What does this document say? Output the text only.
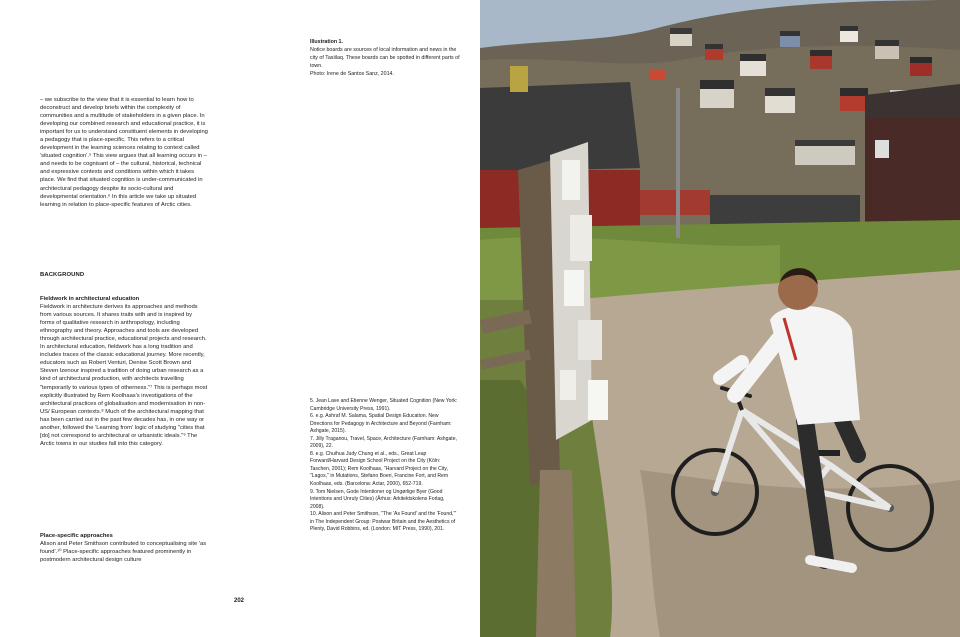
– we subscribe to the view that it is essential to learn how to deconstruct and develop briefs within the complexity of communities and a multitude of stakeholders in a given place. In developing our combined research and educational practice, it is important for us to understand constituent elements in developing a pedagogy that is place-specific. This refers to a critical development in the learning sciences relating to context called 'situated cognition'.⁵ This view argues that all learning occurs in – and needs to be cognisant of – the cultural, historical, technical and expressive contexts and conditions within which it takes place. We find that situated cognition is under-communicated in architectural pedagogy despite its socio-cultural and developmental orientation.⁶ In this article we take up situated learning in relation to place-specific features of Arctic cities.

BACKGROUND

Fieldwork in architectural education

Fieldwork in architecture derives its approaches and methods from various sources. It shares traits with and is inspired by forms of qualitative research in anthropology, including ethnography and theory. Approaches and tools are developed through architectural practice, educational projects and research. In architectural education, fieldwork has a long tradition and includes traces of the classic educational journey. More recently, educators such as Robert Venturi, Denise Scott Brown and Steven Izenour inspired a tradition of doing urban research as a kind of architectural production, with architects travelling "temporarily to various types of otherness."⁷ This is perhaps most explicitly illustrated by Rem Koolhaas's investigations of the architectural practices of globalisation and modernisation in non-US/ European contexts.⁸ Much of the architectural mapping that has been carried out in the past few decades has, in one way or another, followed the 'Learning from' logic of studying "cities that [do] not correspond to architectural or urbanistic ideals."⁹ The Arctic towns in our studies fall into this category.

Place-specific approaches

Alison and Peter Smithson contributed to conceptualising site 'as found'.¹⁰ Place-specific approaches featured prominently in postmodern architectural design culture

Illustration 1.
Notice boards are sources of local information and news in the city of Tasiilaq. These boards can be spotted in different parts of town.
Photo: Irene de Santos Sanz, 2014.

5. Jean Lave and Etienne Wenger, Situated Cognition (New York: Cambridge University Press, 1991).

6. e.g. Ashraf M. Salama, Spatial Design Education. New Directions for Pedagogy in Architecture and Beyond (Farnham: Ashgate, 2015).

7. Jilly Traganou, Travel, Space, Architecture (Farnham: Ashgate, 2009), 22.

8. e.g. Chuihua Judy Chung et al., eds., Great Leap Forward/Harvard Design School Project on the City (Köln: Taschen, 2001); Rem Koolhaas, "Harvard Project on the City, "Lagos," in Mutations, Stefano Boeri, Francine Fort, and Rem Koolhaas, eds. (Barcelona: Actar, 2000), 652-719.

9. Tom Nielsen, Gode Intentioner og Ungørlige Byer (Good Intentions and Unruly Cities) (Århus: Arkitektskolens Forlag, 2008).

10. Alison and Peter Smithson, "The 'As Found' and the 'Found,'" in The Independent Group: Postwar Britain and the Aesthetics of Plenty, David Robbins, ed. (London: MIT Press, 1990), 201.

202
